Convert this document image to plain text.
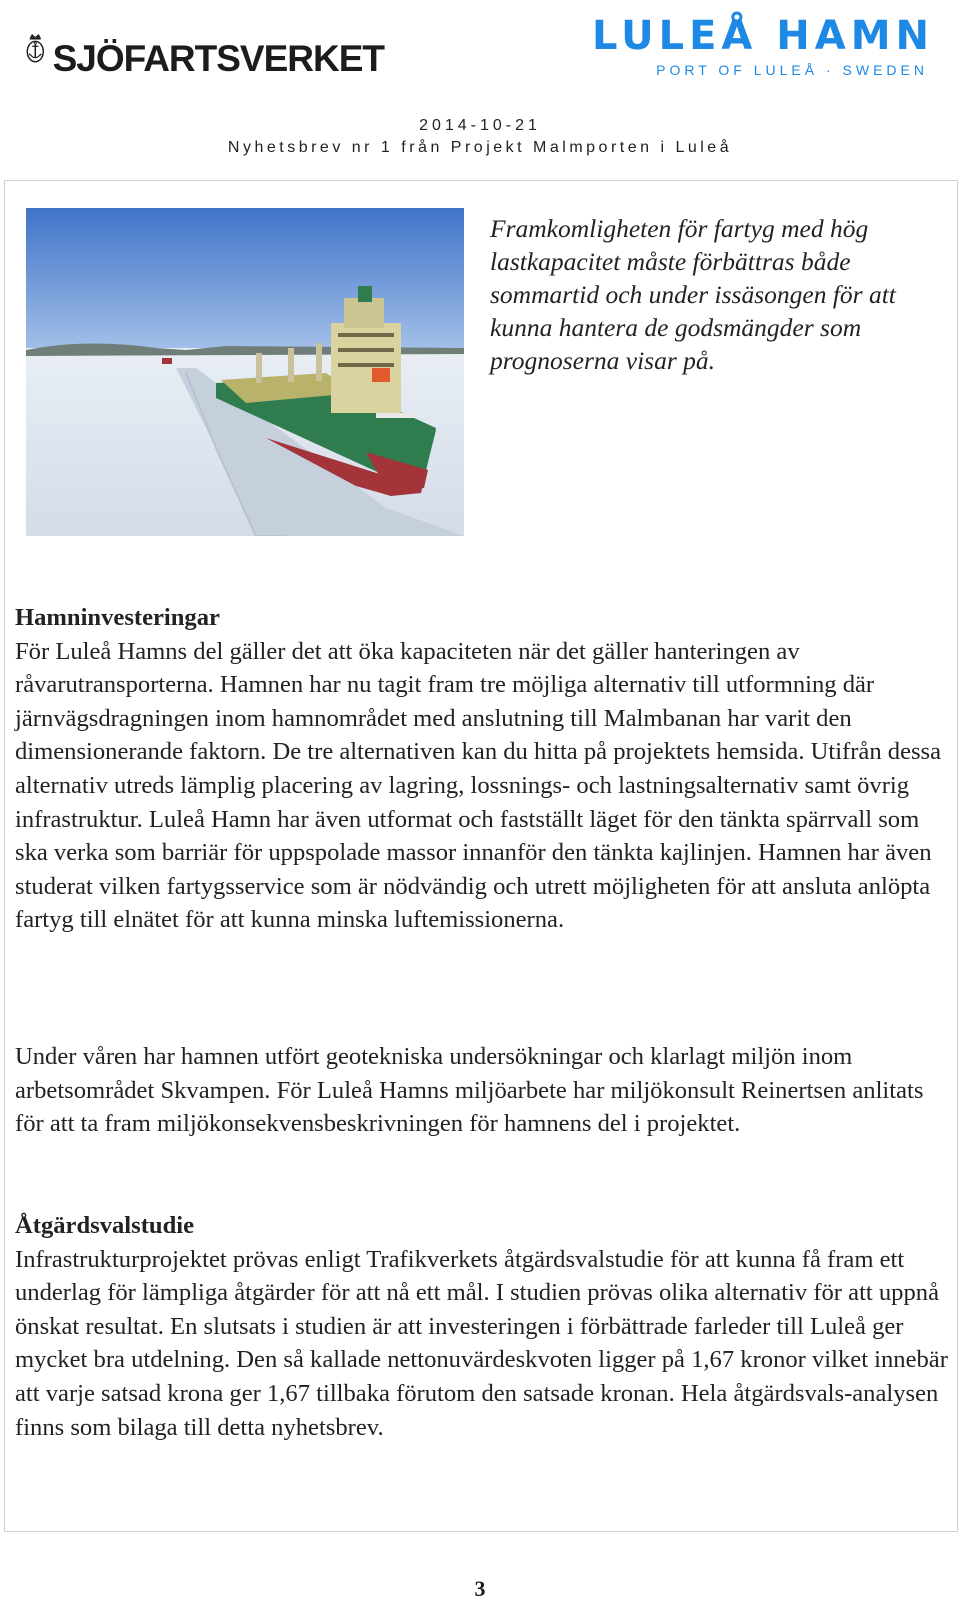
SJÖFARTSVERKET	LULEÅ HAMN
PORT OF LULEÅ · SWEDEN
2014-10-21
Nyhetsbrev nr 1 från Projekt Malmporten i Luleå
Framkomligheten för fartyg med hög lastkapacitet måste förbättras både sommartid och under issäsongen för att kunna hantera de godsmängder som prognoserna visar på.
Hamninvesteringar

För Luleå Hamns del gäller det att öka kapaciteten när det gäller hanteringen av råvarutransporterna. Hamnen har nu tagit fram tre möjliga alternativ till utformning där järnvägsdragningen inom hamnområdet med anslutning till Malmbanan har varit den dimensionerande faktorn. De tre alternativen kan du hitta på projektets hemsida. Utifrån dessa alternativ utreds lämplig placering av lagring, lossnings- och lastningsalternativ samt övrig infrastruktur. Luleå Hamn har även utformat och fastställt läget för den tänkta spärrvall som ska verka som barriär för uppspolade massor innanför den tänkta kajlinjen. Hamnen har även studerat vilken fartygsservice som är nödvändig och utrett möjligheten för att ansluta anlöpta fartyg till elnätet för att kunna minska luftemissionerna.

Under våren har hamnen utfört geotekniska undersökningar och klarlagt miljön inom arbetsområdet Skvampen. För Luleå Hamns miljöarbete har miljökonsult Reinertsen anlitats för att ta fram miljökonsekvensbeskrivningen för hamnens del i projektet.

Åtgärdsvalstudie

Infrastrukturprojektet prövas enligt Trafikverkets åtgärdsvalstudie för att kunna få fram ett underlag för lämpliga åtgärder för att nå ett mål. I studien prövas olika alternativ för att uppnå önskat resultat. En slutsats i studien är att investeringen i förbättrade farleder till Luleå ger mycket bra utdelning. Den så kallade nettonuvärdeskvoten ligger på 1,67 kronor vilket innebär att varje satsad krona ger 1,67 tillbaka förutom den satsade kronan. Hela åtgärdsvals-analysen finns som bilaga till detta nyhetsbrev.

3
